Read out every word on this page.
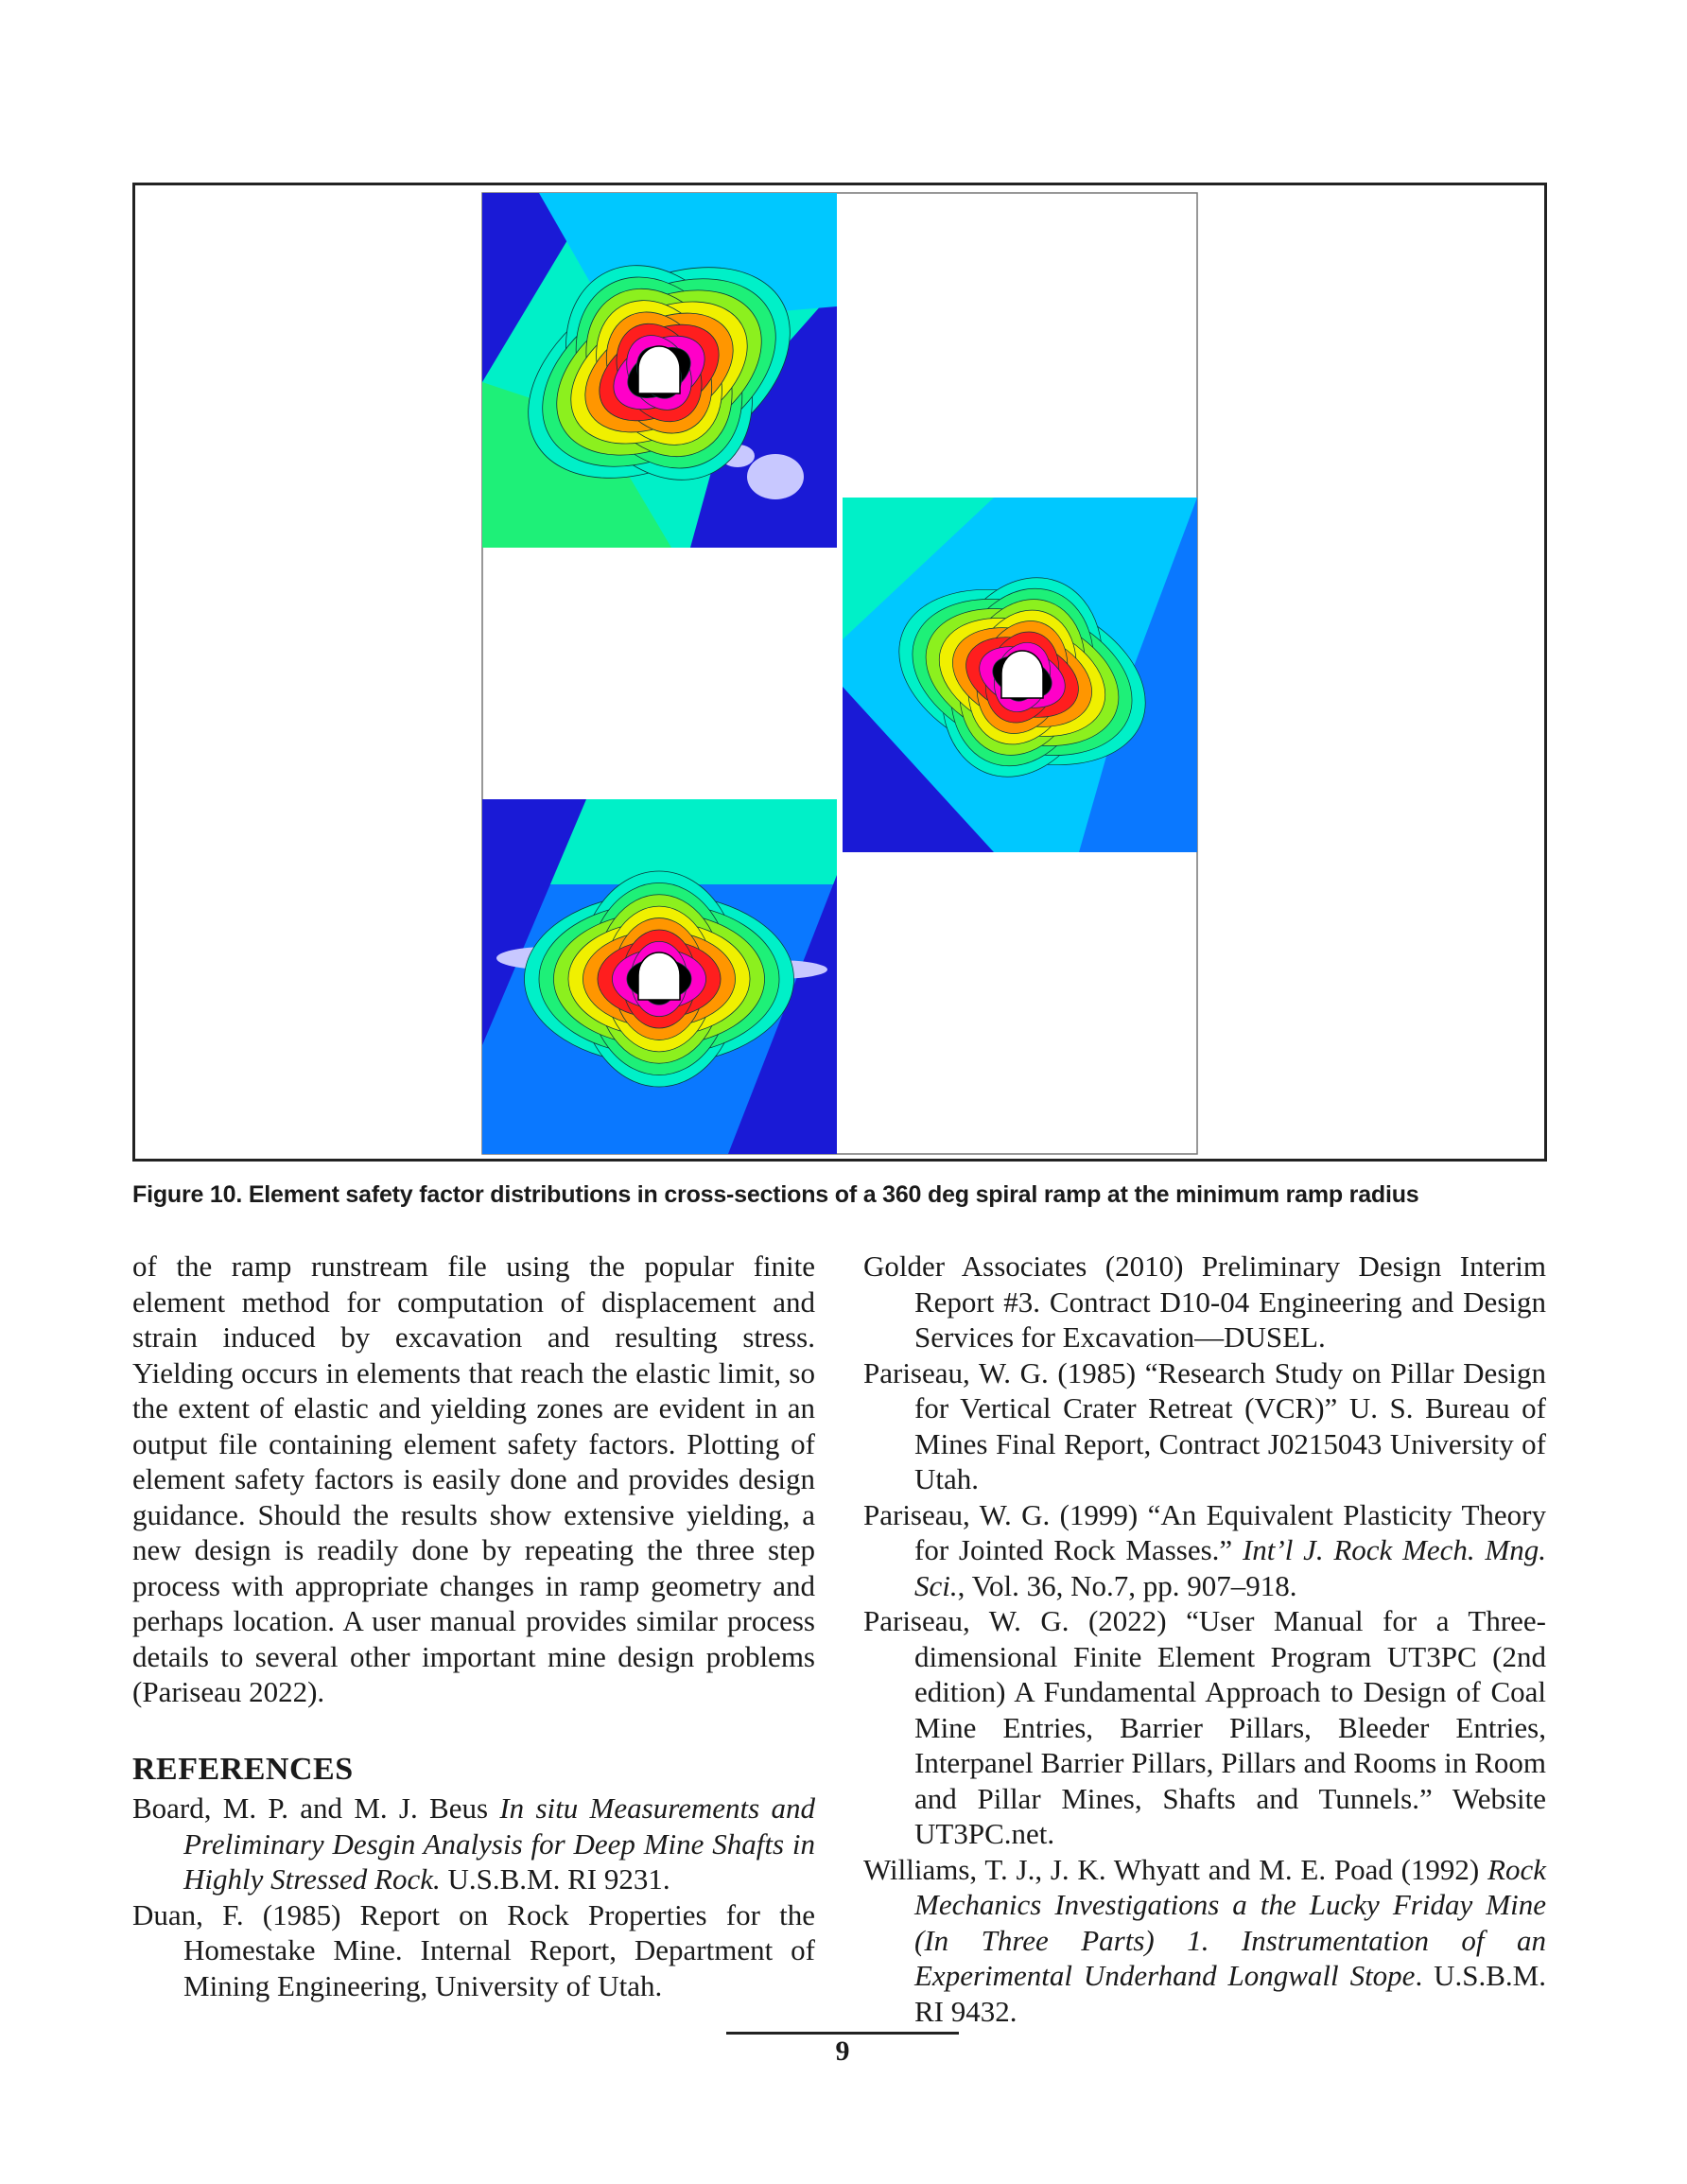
Figure 10. Element safety factor distributions in cross-sections of a 360 deg spiral ramp at the minimum ramp radius

of the ramp runstream file using the popular finite element method for computation of displacement and strain induced by excavation and resulting stress. Yielding occurs in elements that reach the elastic limit, so the extent of elastic and yielding zones are evident in an output file containing element safety factors. Plotting of element safety factors is easily done and provides design guidance. Should the results show extensive yielding, a new design is readily done by repeating the three step process with appropriate changes in ramp geometry and perhaps location. A user manual provides similar process details to several other important mine design problems (Pariseau 2022).

REFERENCES

Board, M. P. and M. J. Beus In situ Measurements and Preliminary Desgin Analysis for Deep Mine Shafts in Highly Stressed Rock. U.S.B.M. RI 9231.

Duan, F. (1985) Report on Rock Properties for the Homestake Mine. Internal Report, Department of Mining Engineering, University of Utah.

Golder Associates (2010) Preliminary Design Interim Report #3. Contract D10-04 Engineering and Design Services for Excavation—DUSEL.

Pariseau, W. G. (1985) “Research Study on Pillar Design for Vertical Crater Retreat (VCR)” U. S. Bureau of Mines Final Report, Contract J0215043 University of Utah.

Pariseau, W. G. (1999) “An Equivalent Plasticity Theory for Jointed Rock Masses.” Int’l J. Rock Mech. Mng. Sci., Vol. 36, No.7, pp. 907–918.

Pariseau, W. G. (2022) “User Manual for a Three-dimensional Finite Element Program UT3PC (2nd edition) A Fundamental Approach to Design of Coal Mine Entries, Barrier Pillars, Bleeder Entries, Interpanel Barrier Pillars, Pillars and Rooms in Room and Pillar Mines, Shafts and Tunnels.” Website UT3PC.net.

Williams, T. J., J. K. Whyatt and M. E. Poad (1992) Rock Mechanics Investigations a the Lucky Friday Mine (In Three Parts) 1. Instrumentation of an Experimental Underhand Longwall Stope. U.S.B.M. RI 9432.

9
